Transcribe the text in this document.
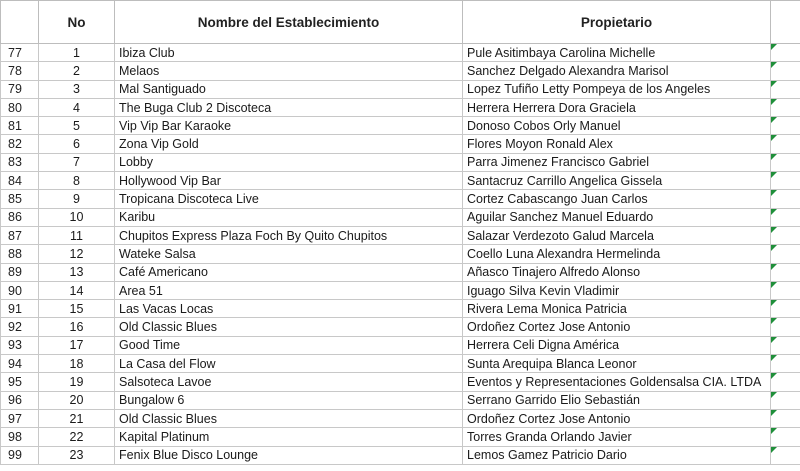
	No	Nombre del Establecimiento	Propietario	
77	1	Ibiza Club	Pule Asitimbaya Carolina Michelle	

78	2	Melaos	Sanchez Delgado Alexandra Marisol	

79	3	Mal Santiguado	Lopez Tufiño Letty Pompeya de los Angeles	

80	4	The Buga Club 2 Discoteca	Herrera Herrera Dora Graciela	

81	5	Vip Vip Bar Karaoke	Donoso Cobos Orly Manuel	

82	6	Zona Vip Gold	Flores Moyon Ronald Alex	

83	7	Lobby	Parra Jimenez Francisco Gabriel	

84	8	Hollywood Vip Bar	Santacruz Carrillo Angelica Gissela	

85	9	Tropicana Discoteca Live	Cortez Cabascango Juan Carlos	

86	10	Karibu	Aguilar Sanchez Manuel Eduardo	

87	11	Chupitos Express Plaza Foch By Quito Chupitos	Salazar Verdezoto Galud Marcela	

88	12	Wateke Salsa	Coello Luna Alexandra Hermelinda	

89	13	Café Americano	Añasco Tinajero Alfredo Alonso	

90	14	Area 51	Iguago Silva Kevin Vladimir	

91	15	Las Vacas Locas	Rivera Lema Monica Patricia	

92	16	Old Classic Blues	Ordoñez Cortez Jose Antonio	

93	17	Good Time	Herrera Celi Digna América	

94	18	La Casa del Flow	Sunta Arequipa Blanca Leonor	

95	19	Salsoteca Lavoe	Eventos y Representaciones Goldensalsa CIA. LTDA	

96	20	Bungalow 6	Serrano Garrido Elio Sebastián	

97	21	Old Classic Blues	Ordoñez Cortez Jose Antonio	

98	22	Kapital Platinum	Torres Granda Orlando Javier	

99	23	Fenix Blue Disco Lounge	Lemos Gamez Patricio Dario	
